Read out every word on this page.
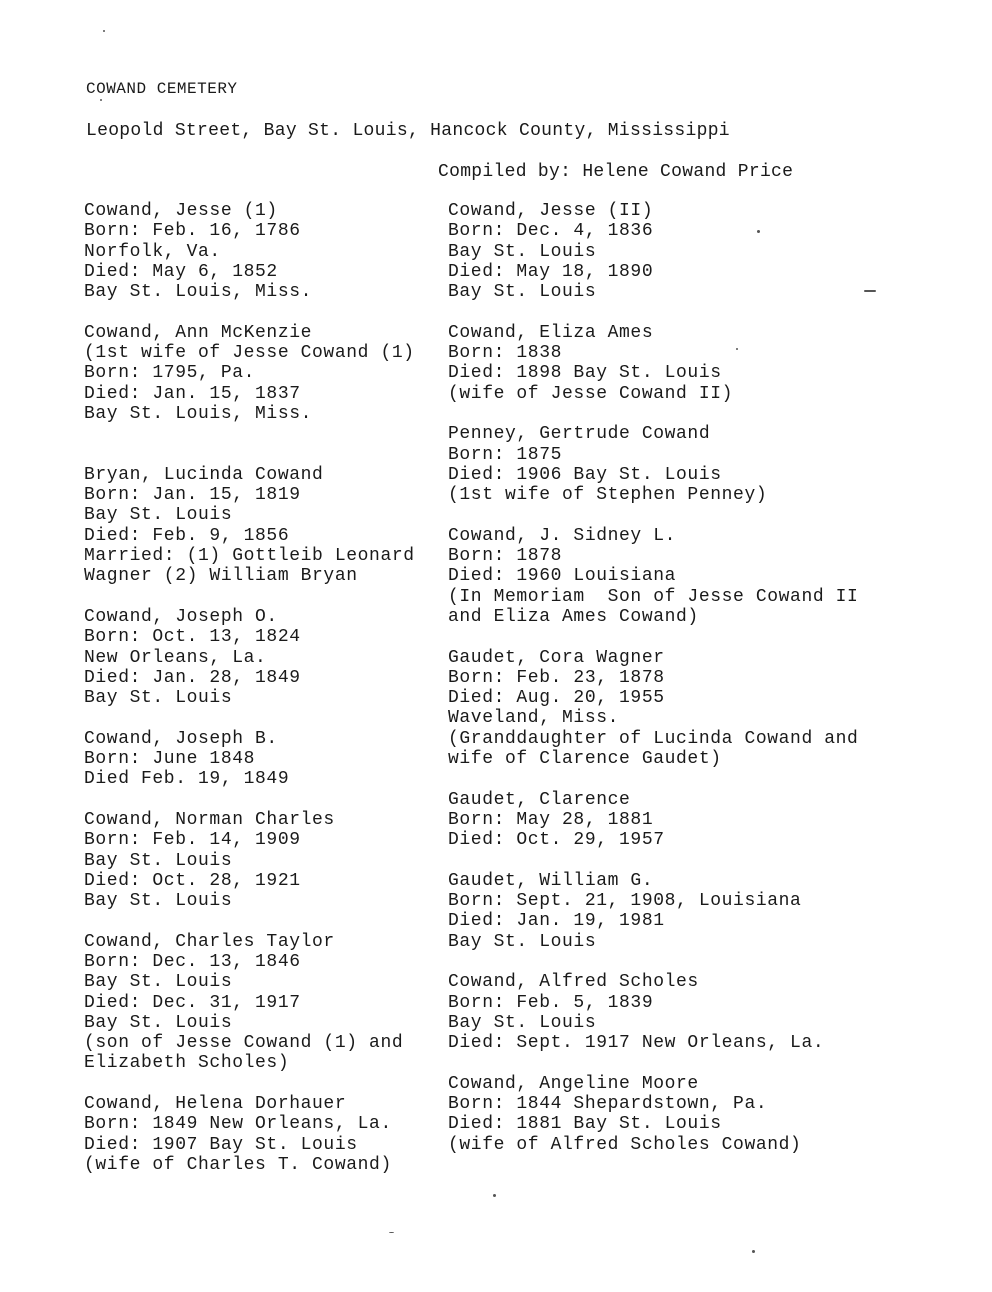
COWAND CEMETERY
Leopold Street, Bay St. Louis, Hancock County, Mississippi
Compiled by: Helene Cowand Price
Cowand, Jesse (1)
Born: Feb. 16, 1786
Norfolk, Va.
Died: May 6, 1852
Bay St. Louis, Miss.
Cowand, Ann McKenzie
(1st wife of Jesse Cowand (1)
Born: 1795, Pa.
Died: Jan. 15, 1837
Bay St. Louis, Miss.
Bryan, Lucinda Cowand
Born: Jan. 15, 1819
Bay St. Louis
Died: Feb. 9, 1856
Married: (1) Gottleib Leonard
Wagner (2) William Bryan
Cowand, Joseph O.
Born: Oct. 13, 1824
New Orleans, La.
Died: Jan. 28, 1849
Bay St. Louis
Cowand, Joseph B.
Born: June 1848
Died Feb. 19, 1849
Cowand, Norman Charles
Born: Feb. 14, 1909
Bay St. Louis
Died: Oct. 28, 1921
Bay St. Louis
Cowand, Charles Taylor
Born: Dec. 13, 1846
Bay St. Louis
Died: Dec. 31, 1917
Bay St. Louis
(son of Jesse Cowand (1) and
Elizabeth Scholes)
Cowand, Helena Dorhauer
Born: 1849 New Orleans, La.
Died: 1907 Bay St. Louis
(wife of Charles T. Cowand)
Cowand, Jesse (II)
Born: Dec. 4, 1836
Bay St. Louis
Died: May 18, 1890
Bay St. Louis
Cowand, Eliza Ames
Born: 1838
Died: 1898 Bay St. Louis
(wife of Jesse Cowand II)
Penney, Gertrude Cowand
Born: 1875
Died: 1906 Bay St. Louis
(1st wife of Stephen Penney)
Cowand, J. Sidney L.
Born: 1878
Died: 1960 Louisiana
(In Memoriam  Son of Jesse Cowand II
and Eliza Ames Cowand)
Gaudet, Cora Wagner
Born: Feb. 23, 1878
Died: Aug. 20, 1955
Waveland, Miss.
(Granddaughter of Lucinda Cowand and
wife of Clarence Gaudet)
Gaudet, Clarence
Born: May 28, 1881
Died: Oct. 29, 1957
Gaudet, William G.
Born: Sept. 21, 1908, Louisiana
Died: Jan. 19, 1981
Bay St. Louis
Cowand, Alfred Scholes
Born: Feb. 5, 1839
Bay St. Louis
Died: Sept. 1917 New Orleans, La.
Cowand, Angeline Moore
Born: 1844 Shepardstown, Pa.
Died: 1881 Bay St. Louis
(wife of Alfred Scholes Cowand)
